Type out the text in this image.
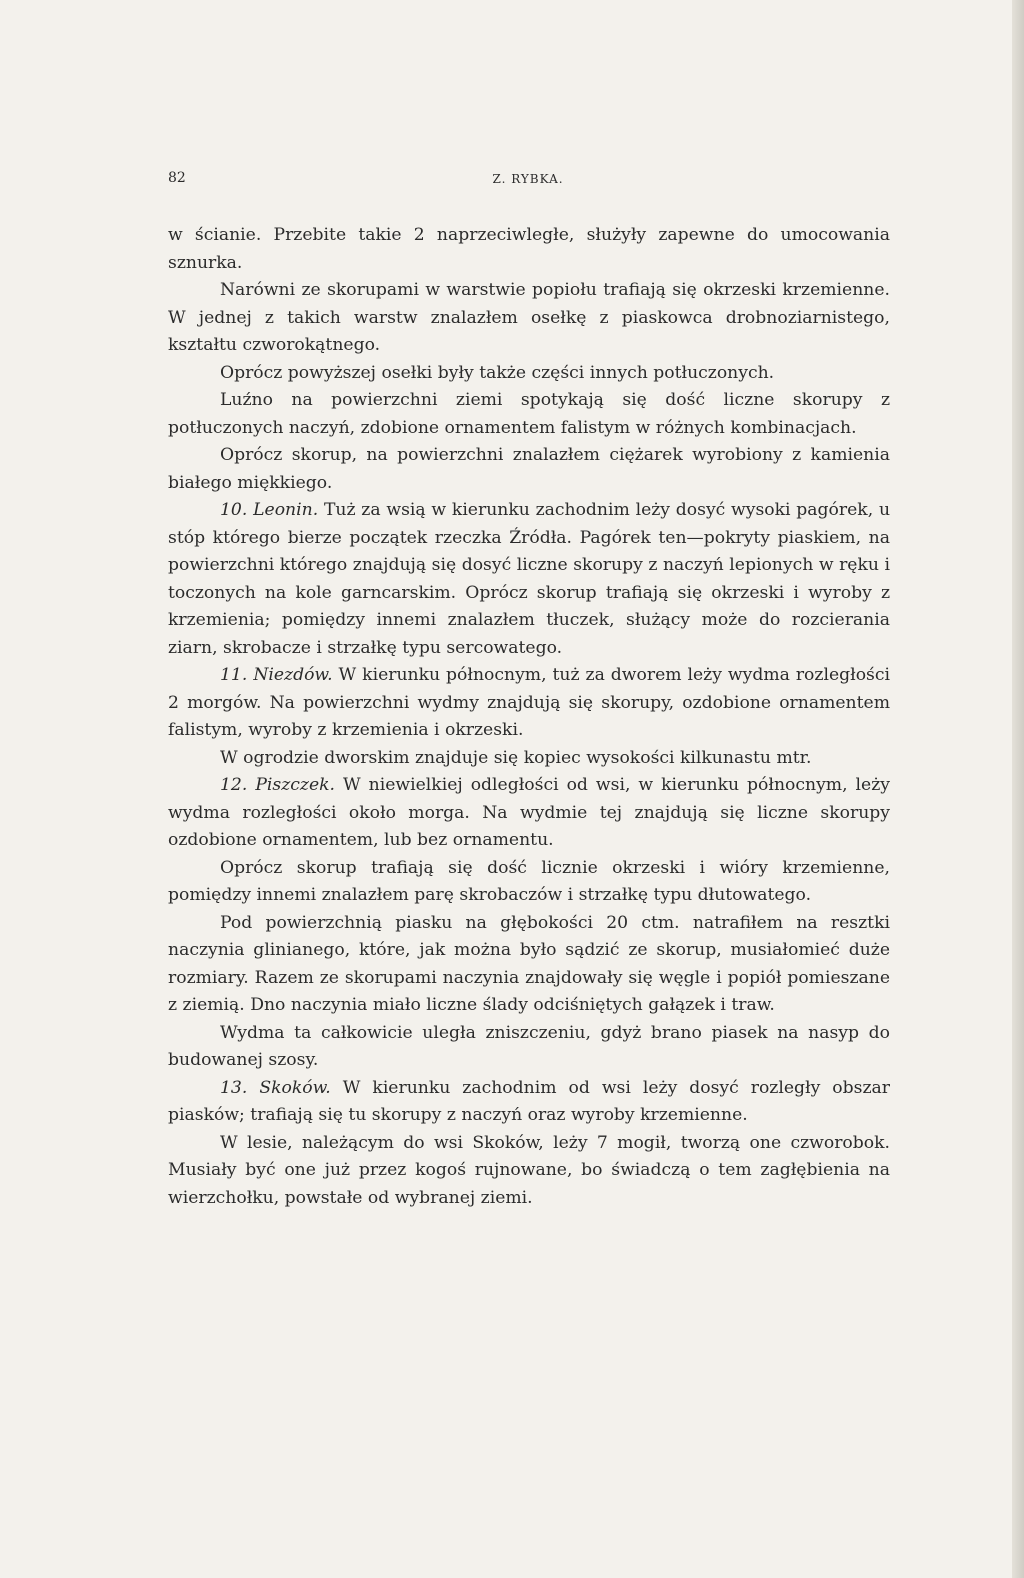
82	Z. RYBKA.

w ścianie. Przebite takie 2 naprzeciwległe, służyły zapewne do umocowania sznurka.

Narówni ze skorupami w warstwie popiołu trafiają się okrzeski krzemienne. W jednej z takich warstw znalazłem osełkę z piaskowca drobnoziarnistego, kształtu czworokątnego.

Oprócz powyższej osełki były także części innych potłuczonych.

Luźno na powierzchni ziemi spotykają się dość liczne skorupy z potłuczonych naczyń, zdobione ornamentem falistym w różnych kombinacjach.

Oprócz skorup, na powierzchni znalazłem ciężarek wyrobiony z kamienia białego miękkiego.

10. Leonin. Tuż za wsią w kierunku zachodnim leży dosyć wysoki pagórek, u stóp którego bierze początek rzeczka Źródła. Pagórek ten—pokryty piaskiem, na powierzchni którego znajdują się dosyć liczne skorupy z naczyń lepionych w ręku i toczonych na kole garncarskim. Oprócz skorup trafiają się okrzeski i wyroby z krzemienia; pomiędzy innemi znalazłem tłuczek, służący może do rozcierania ziarn, skrobacze i strzałkę typu sercowatego.

11. Niezdów. W kierunku północnym, tuż za dworem leży wydma rozległości 2 morgów. Na powierzchni wydmy znajdują się skorupy, ozdobione ornamentem falistym, wyroby z krzemienia i okrzeski.

W ogrodzie dworskim znajduje się kopiec wysokości kilkunastu mtr.

12. Piszczek. W niewielkiej odległości od wsi, w kierunku północnym, leży wydma rozległości około morga. Na wydmie tej znajdują się liczne skorupy ozdobione ornamentem, lub bez ornamentu.

Oprócz skorup trafiają się dość licznie okrzeski i wióry krzemienne, pomiędzy innemi znalazłem parę skrobaczów i strzałkę typu dłutowatego.

Pod powierzchnią piasku na głębokości 20 ctm. natrafiłem na resztki naczynia glinianego, które, jak można było sądzić ze skorup, musiałomieć duże rozmiary. Razem ze skorupami naczynia znajdowały się węgle i popiół pomieszane z ziemią. Dno naczynia miało liczne ślady odciśniętych gałązek i traw.

Wydma ta całkowicie uległa zniszczeniu, gdyż brano piasek na nasyp do budowanej szosy.

13. Skoków. W kierunku zachodnim od wsi leży dosyć rozległy obszar piasków; trafiają się tu skorupy z naczyń oraz wyroby krzemienne.

W lesie, należącym do wsi Skoków, leży 7 mogił, tworzą one czworobok. Musiały być one już przez kogoś rujnowane, bo świadczą o tem zagłębienia na wierzchołku, powstałe od wybranej ziemi.
